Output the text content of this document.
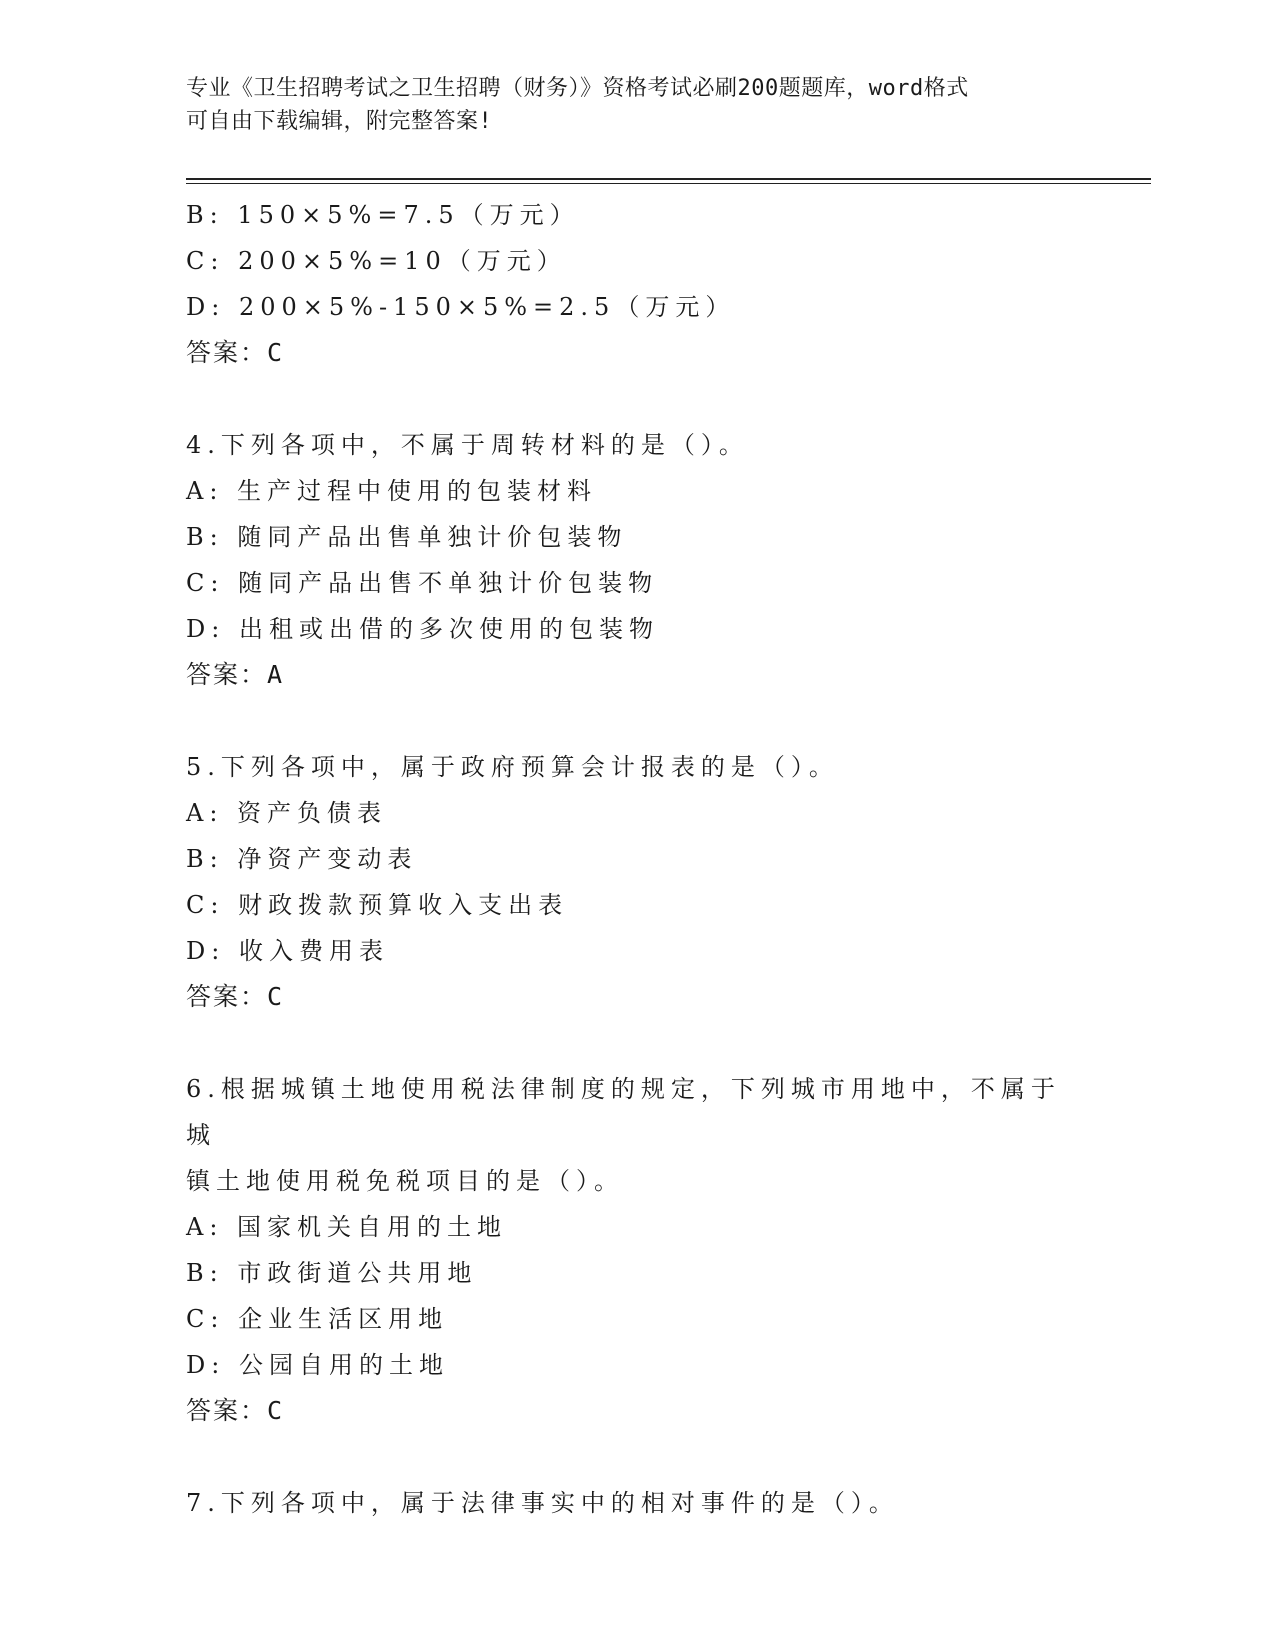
专业《卫生招聘考试之卫生招聘（财务）》资格考试必刷200题题库，word格式
可自由下载编辑，附完整答案!
B: 150×5%=7.5（万元）
C: 200×5%=10（万元）
D: 200×5%-150×5%=2.5（万元）
答案：C
4.下列各项中，不属于周转材料的是（）。
A: 生产过程中使用的包装材料
B: 随同产品出售单独计价包装物
C: 随同产品出售不单独计价包装物
D: 出租或出借的多次使用的包装物
答案：A
5.下列各项中，属于政府预算会计报表的是（）。
A: 资产负债表
B: 净资产变动表
C: 财政拨款预算收入支出表
D: 收入费用表
答案：C
6.根据城镇土地使用税法律制度的规定，下列城市用地中，不属于城
镇土地使用税免税项目的是（）。
A: 国家机关自用的土地
B: 市政街道公共用地
C: 企业生活区用地
D: 公园自用的土地
答案：C
7.下列各项中，属于法律事实中的相对事件的是（）。
